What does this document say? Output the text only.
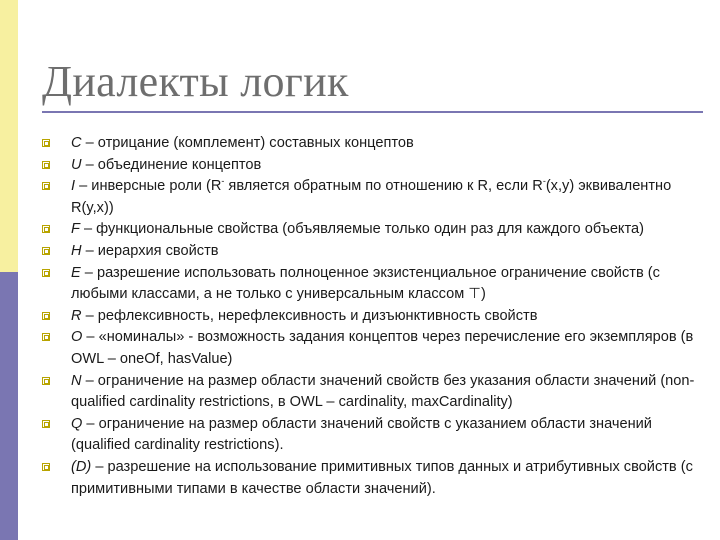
Диалекты логик
C – отрицание (комплемент) составных концептов
U – объединение концептов
I – инверсные роли (R- является обратным по отношению к R, если R-(x,y) эквивалентно R(y,x))
F – функциональные свойства (объявляемые только один раз для каждого объекта)
H – иерархия свойств
E – разрешение использовать полноценное экзистенциальное ограничение свойств (с любыми классами, а не только с универсальным классом ⊤)
R – рефлексивность, нерефлексивность и дизъюнктивность свойств
O – «номиналы» - возможность задания концептов через перечисление его экземпляров (в OWL – oneOf, hasValue)
N – ограничение на размер области значений свойств без указания области значений (non-qualified cardinality restrictions, в OWL – cardinality, maxCardinality)
Q – ограничение на размер области значений свойств с указанием области значений (qualified cardinality restrictions).
(D) – разрешение на использование примитивных типов данных и атрибутивных свойств (с примитивными типами в качестве области значений).
